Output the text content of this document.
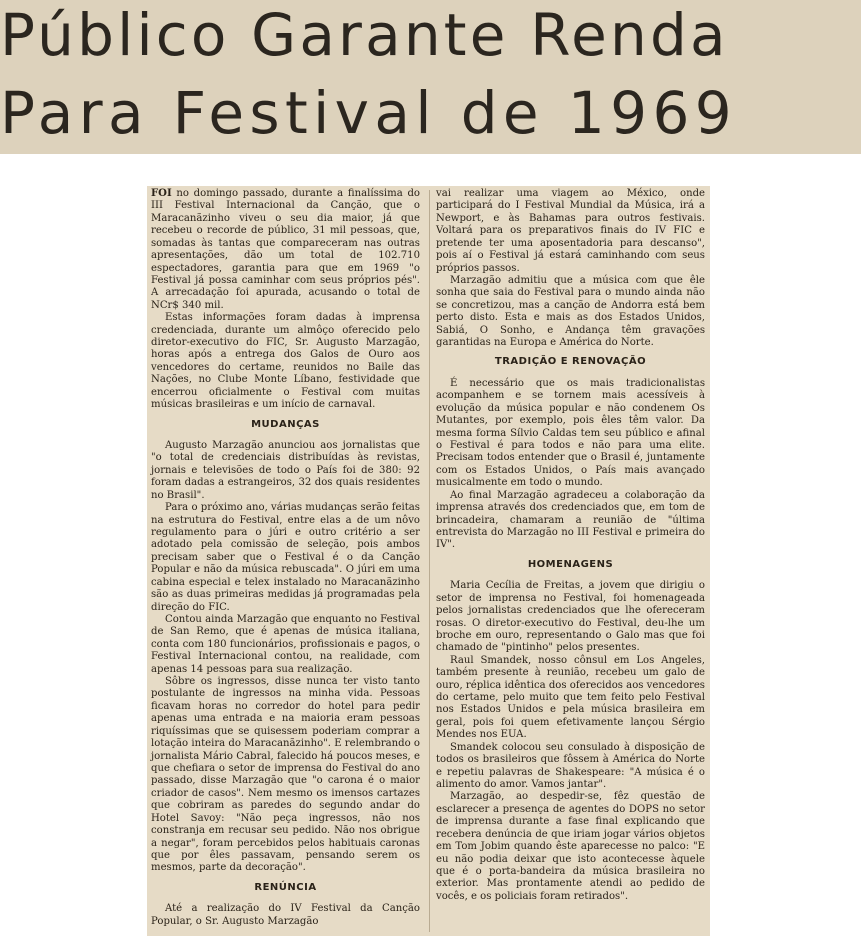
Público Garante Renda
Para Festival de 1969

FOI no domingo passado, durante a finalíssima do III Festival Internacional da Canção, que o Maracanãzinho viveu o seu dia maior, já que recebeu o recorde de público, 31 mil pessoas, que, somadas às tantas que compareceram nas outras apresentações, dão um total de 102.710 espectadores, garantia para que em 1969 "o Festival já possa caminhar com seus próprios pés". A arrecadação foi apurada, acusando o total de NCr$ 340 mil.

Estas informações foram dadas à imprensa credenciada, durante um almôço oferecido pelo diretor-executivo do FIC, Sr. Augusto Marzagão, horas após a entrega dos Galos de Ouro aos vencedores do certame, reunidos no Baile das Nações, no Clube Monte Líbano, festividade que encerrou oficialmente o Festival com muitas músicas brasileiras e um início de carnaval.

MUDANÇAS

Augusto Marzagão anunciou aos jornalistas que "o total de credenciais distribuídas às revistas, jornais e televisões de todo o País foi de 380: 92 foram dadas a estrangeiros, 32 dos quais residentes no Brasil".

Para o próximo ano, várias mudanças serão feitas na estrutura do Festival, entre elas a de um nôvo regulamento para o júri e outro critério a ser adotado pela comissão de seleção, pois ambos precisam saber que o Festival é o da Canção Popular e não da música rebuscada". O júri em uma cabina especial e telex instalado no Maracanãzinho são as duas primeiras medidas já programadas pela direção do FIC.

Contou ainda Marzagão que enquanto no Festival de San Remo, que é apenas de música italiana, conta com 180 funcionários, profissionais e pagos, o Festival Internacional contou, na realidade, com apenas 14 pessoas para sua realização.

Sôbre os ingressos, disse nunca ter visto tanto postulante de ingressos na minha vida. Pessoas ficavam horas no corredor do hotel para pedir apenas uma entrada e na maioria eram pessoas riquíssimas que se quisessem poderiam comprar a lotação inteira do Maracanãzinho". E relembrando o jornalista Mário Cabral, falecido há poucos meses, e que chefiara o setor de imprensa do Festival do ano passado, disse Marzagão que "o carona é o maior criador de casos". Nem mesmo os imensos cartazes que cobriram as paredes do segundo andar do Hotel Savoy: "Não peça ingressos, não nos constranja em recusar seu pedido. Não nos obrigue a negar", foram percebidos pelos habituais caronas que por êles passavam, pensando serem os mesmos, parte da decoração".

RENÚNCIA

Até a realização do IV Festival da Canção Popular, o Sr. Augusto Marzagão

vai realizar uma viagem ao México, onde participará do I Festival Mundial da Música, irá a Newport, e às Bahamas para outros festivais. Voltará para os preparativos finais do IV FIC e pretende ter uma aposentadoria para descanso", pois aí o Festival já estará caminhando com seus próprios passos.

Marzagão admitiu que a música com que êle sonha que saia do Festival para o mundo ainda não se concretizou, mas a canção de Andorra está bem perto disto. Esta e mais as dos Estados Unidos, Sabiá, O Sonho, e Andança têm gravações garantidas na Europa e América do Norte.

TRADIÇÃO E RENOVAÇÃO

É necessário que os mais tradicionalistas acompanhem e se tornem mais acessíveis à evolução da música popular e não condenem Os Mutantes, por exemplo, pois êles têm valor. Da mesma forma Sílvio Caldas tem seu público e afinal o Festival é para todos e não para uma elite. Precisam todos entender que o Brasil é, juntamente com os Estados Unidos, o País mais avançado musicalmente em todo o mundo.

Ao final Marzagão agradeceu a colaboração da imprensa através dos credenciados que, em tom de brincadeira, chamaram a reunião de "última entrevista do Marzagão no III Festival e primeira do IV".

HOMENAGENS

Maria Cecília de Freitas, a jovem que dirigiu o setor de imprensa no Festival, foi homenageada pelos jornalistas credenciados que lhe ofereceram rosas. O diretor-executivo do Festival, deu-lhe um broche em ouro, representando o Galo mas que foi chamado de "pintinho" pelos presentes.

Raul Smandek, nosso cônsul em Los Angeles, também presente à reunião, recebeu um galo de ouro, réplica idêntica dos oferecidos aos vencedores do certame, pelo muito que tem feito pelo Festival nos Estados Unidos e pela música brasileira em geral, pois foi quem efetivamente lançou Sérgio Mendes nos EUA.

Smandek colocou seu consulado à disposição de todos os brasileiros que fôssem à América do Norte e repetiu palavras de Shakespeare: "A música é o alimento do amor. Vamos jantar".

Marzagão, ao despedir-se, fêz questão de esclarecer a presença de agentes do DOPS no setor de imprensa durante a fase final explicando que recebera denúncia de que iriam jogar vários objetos em Tom Jobim quando êste aparecesse no palco: "E eu não podia deixar que isto acontecesse àquele que é o porta-bandeira da música brasileira no exterior. Mas prontamente atendi ao pedido de vocês, e os policiais foram retirados".
